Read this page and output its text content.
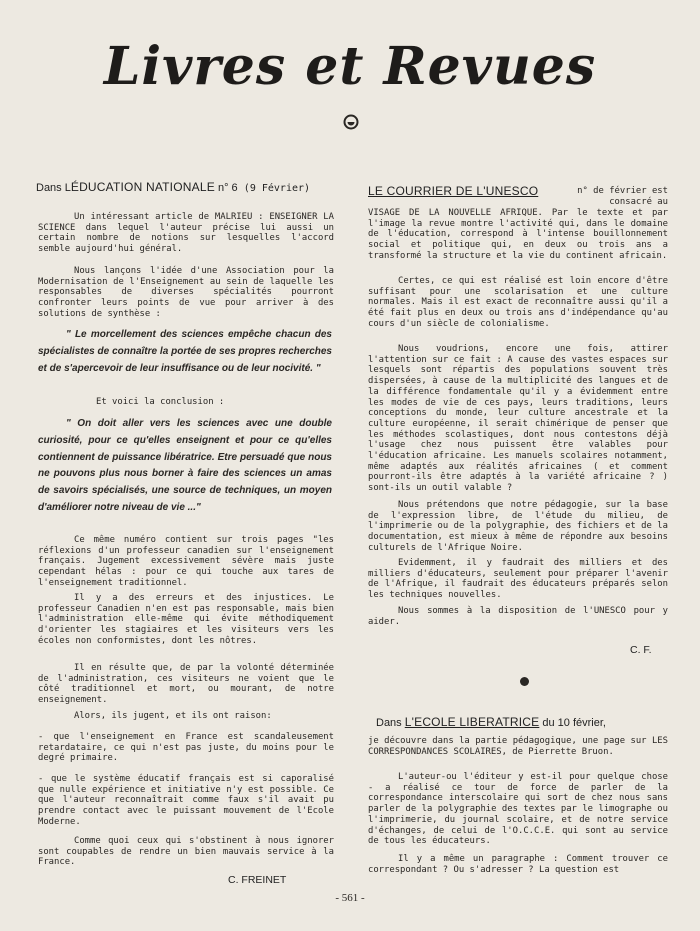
Livres et Revues
Dans LÉDUCATION NATIONALE n° 6 (9 Février)

Un intéressant article de MALRIEU : ENSEIGNER LA SCIENCE dans lequel l'auteur précise lui aussi un certain nombre de notions sur lesquelles l'accord semble aujourd'hui général.

Nous lançons l'idée d'une Association pour la Modernisation de l'Enseignement au sein de laquelle les responsables de diverses spécialités pourront confronter leurs points de vue pour arriver à des solutions de synthèse :

" Le morcellement des sciences empêche chacun des spécialistes de connaître la portée de ses propres recherches et de s'apercevoir de leur insuffisance ou de leur nocivité. "

Et voici la conclusion :

" On doit aller vers les sciences avec une double curiosité, pour ce qu'elles enseignent et pour ce qu'elles contiennent de puissance libératrice. Etre persuadé que nous ne pouvons plus nous borner à faire des sciences un amas de savoirs spécialisés, une source de techniques, un moyen d'améliorer notre niveau de vie ..."

Ce même numéro contient sur trois pages "les réflexions d'un professeur canadien sur l'enseignement français. Jugement excessivement sévère mais juste cependant hélas : pour ce qui touche aux tares de l'enseignement traditionnel.

Il y a des erreurs et des injustices. Le professeur Canadien n'en est pas responsable, mais bien l'administration elle-même qui évite méthodiquement d'orienter les stagiaires et les visiteurs vers les écoles non conformistes, dont les nôtres.

Il en résulte que, de par la volonté déterminée de l'administration, ces visiteurs ne voient que le côté traditionnel et mort, ou mourant, de notre enseignement.

Alors, ils jugent, et ils ont raison:

- que l'enseignement en France est scandaleusement retardataire, ce qui n'est pas juste, du moins pour le degré primaire.

- que le système éducatif français est si caporalisé que nulle expérience et initiative n'y est possible. Ce que l'auteur reconnaîtrait comme faux s'il avait pu prendre contact avec le puissant mouvement de l'Ecole Moderne.

Comme quoi ceux qui s'obstinent à nous ignorer sont coupables de rendre un bien mauvais service à la France.

C. FREINET
LE COURRIER DE L'UNESCO	n° de février est consacré au

VISAGE DE LA NOUVELLE AFRIQUE. Par le texte et par l'image la revue montre l'activité qui, dans le domaine de l'éducation, correspond à l'intense bouillonnement social et politique qui, en deux ou trois ans a transformé la structure et la vie du continent africain.

Certes, ce qui est réalisé est loin encore d'être suffisant pour une scolarisation et une culture normales. Mais il est exact de reconnaître aussi qu'il a été fait plus en deux ou trois ans d'indépendance qu'au cours d'un siècle de colonialisme.

Nous voudrions, encore une fois, attirer l'attention sur ce fait : A cause des vastes espaces sur lesquels sont répartis des populations souvent très dispersées, à cause de la multiplicité des langues et de la différence fondamentale qu'il y a évidemment entre les modes de vie de ces pays, leurs traditions, leurs conceptions du monde, leur culture ancestrale et la culture européenne, il serait chimérique de penser que les méthodes scolastiques, dont nous contestons déjà l'usage chez nous puissent être valables pour l'éducation africaine. Les manuels scolaires notamment, même adaptés aux réalités africaines ( et comment pourront-ils être adaptés à la variété africaine ? ) sont-ils un outil valable ?

Nous prétendons que notre pédagogie, sur la base de l'expression libre, de l'étude du milieu, de l'imprimerie ou de la polygraphie, des fichiers et de la documentation, est mieux à même de répondre aux besoins culturels de l'Afrique Noire.

Evidemment, il y faudrait des milliers et des milliers d'éducateurs, seulement pour préparer l'avenir de l'Afrique, il faudrait des éducateurs préparés selon les techniques nouvelles.

Nous sommes à la disposition de l'UNESCO pour y aider.

C. F.
Dans L'ECOLE LIBERATRICE du 10 février,

je découvre dans la partie pédagogique, une page sur LES CORRESPONDANCES SCOLAIRES, de Pierrette Bruon.

L'auteur-ou l'éditeur y est-il pour quelque chose - a réalisé ce tour de force de parler de la correspondance interscolaire qui sort de chez nous sans parler de la polygraphie des textes par le limographe ou l'imprimerie, du journal scolaire, et de notre service d'échanges, de celui de l'O.C.C.E. qui sont au service de tous les éducateurs.

Il y a même un paragraphe : Comment trouver ce correspondant ? Ou s'adresser ? La question est

- 561 -
